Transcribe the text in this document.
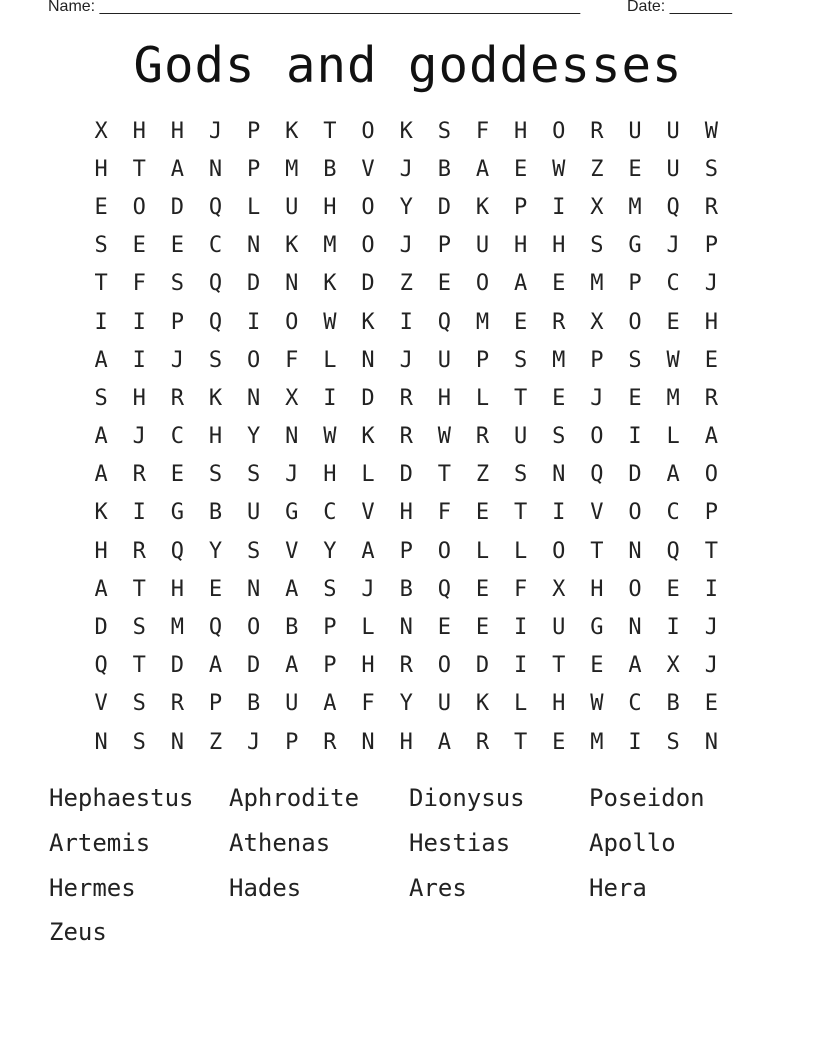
Name: ______________________________________________________	Date: _______
Gods and goddesses
X	H	H	J	P	K	T	O	K	S	F	H	O	R	U	U	W
H	T	A	N	P	M	B	V	J	B	A	E	W	Z	E	U	S
E	O	D	Q	L	U	H	O	Y	D	K	P	I	X	M	Q	R
S	E	E	C	N	K	M	O	J	P	U	H	H	S	G	J	P
T	F	S	Q	D	N	K	D	Z	E	O	A	E	M	P	C	J
I	I	P	Q	I	O	W	K	I	Q	M	E	R	X	O	E	H
A	I	J	S	O	F	L	N	J	U	P	S	M	P	S	W	E
S	H	R	K	N	X	I	D	R	H	L	T	E	J	E	M	R
A	J	C	H	Y	N	W	K	R	W	R	U	S	O	I	L	A
A	R	E	S	S	J	H	L	D	T	Z	S	N	Q	D	A	O
K	I	G	B	U	G	C	V	H	F	E	T	I	V	O	C	P
H	R	Q	Y	S	V	Y	A	P	O	L	L	O	T	N	Q	T
A	T	H	E	N	A	S	J	B	Q	E	F	X	H	O	E	I
D	S	M	Q	O	B	P	L	N	E	E	I	U	G	N	I	J
Q	T	D	A	D	A	P	H	R	O	D	I	T	E	A	X	J
V	S	R	P	B	U	A	F	Y	U	K	L	H	W	C	B	E
N	S	N	Z	J	P	R	N	H	A	R	T	E	M	I	S	N
Hephaestus	Aphrodite	Dionysus	Poseidon
Artemis	Athenas	Hestias	Apollo
Hermes	Hades	Ares	Hera
Zeus
